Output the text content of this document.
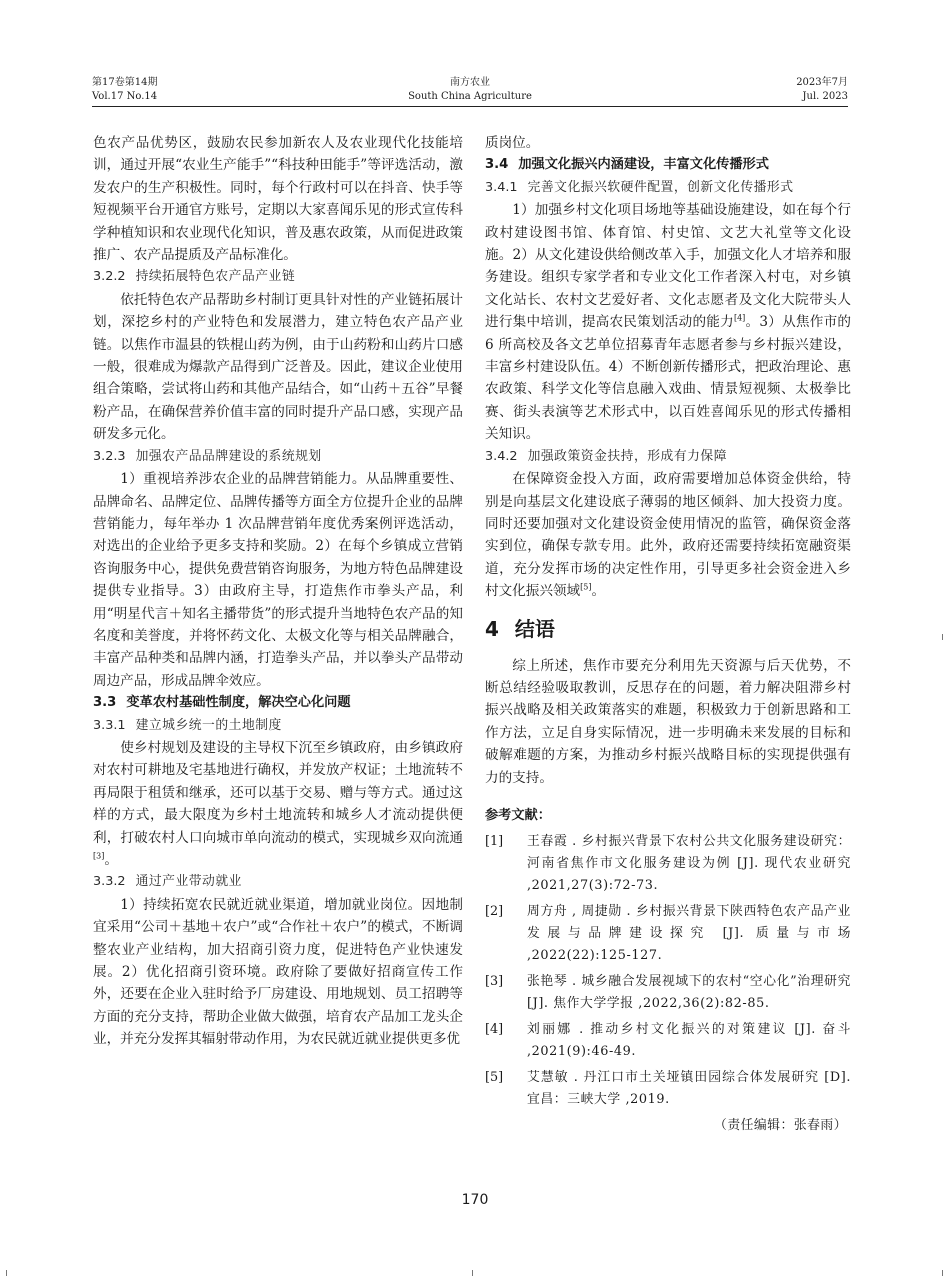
第17卷第14期
Vol.17 No.14
南方农业
South China Agriculture
2023年7月
Jul. 2023

色农产品优势区，鼓励农民参加新农人及农业现代化技能培训，通过开展“农业生产能手”“科技种田能手”等评选活动，激发农户的生产积极性。同时，每个行政村可以在抖音、快手等短视频平台开通官方账号，定期以大家喜闻乐见的形式宣传科学种植知识和农业现代化知识，普及惠农政策，从而促进政策推广、农产品提质及产品标准化。

3.2.2 持续拓展特色农产品产业链

依托特色农产品帮助乡村制订更具针对性的产业链拓展计划，深挖乡村的产业特色和发展潜力，建立特色农产品产业链。以焦作市温县的铁棍山药为例，由于山药粉和山药片口感一般，很难成为爆款产品得到广泛普及。因此，建议企业使用组合策略，尝试将山药和其他产品结合，如“山药＋五谷”早餐粉产品，在确保营养价值丰富的同时提升产品口感，实现产品研发多元化。

3.2.3 加强农产品品牌建设的系统规划

1）重视培养涉农企业的品牌营销能力。从品牌重要性、品牌命名、品牌定位、品牌传播等方面全方位提升企业的品牌营销能力，每年举办 1 次品牌营销年度优秀案例评选活动，对选出的企业给予更多支持和奖励。2）在每个乡镇成立营销咨询服务中心，提供免费营销咨询服务，为地方特色品牌建设提供专业指导。3）由政府主导，打造焦作市拳头产品，利用“明星代言＋知名主播带货”的形式提升当地特色农产品的知名度和美誉度，并将怀药文化、太极文化等与相关品牌融合，丰富产品种类和品牌内涵，打造拳头产品，并以拳头产品带动周边产品，形成品牌伞效应。

3.3 变革农村基础性制度，解决空心化问题
3.3.1 建立城乡统一的土地制度

使乡村规划及建设的主导权下沉至乡镇政府，由乡镇政府对农村可耕地及宅基地进行确权，并发放产权证；土地流转不再局限于租赁和继承，还可以基于交易、赠与等方式。通过这样的方式，最大限度为乡村土地流转和城乡人才流动提供便利，打破农村人口向城市单向流动的模式，实现城乡双向流通[3]。

3.3.2 通过产业带动就业

1）持续拓宽农民就近就业渠道，增加就业岗位。因地制宜采用“公司＋基地＋农户”或“合作社＋农户”的模式，不断调整农业产业结构，加大招商引资力度，促进特色产业快速发展。2）优化招商引资环境。政府除了要做好招商宣传工作外，还要在企业入驻时给予厂房建设、用地规划、员工招聘等方面的充分支持，帮助企业做大做强，培育农产品加工龙头企业，并充分发挥其辐射带动作用，为农民就近就业提供更多优

质岗位。

3.4 加强文化振兴内涵建设，丰富文化传播形式
3.4.1 完善文化振兴软硬件配置，创新文化传播形式

1）加强乡村文化项目场地等基础设施建设，如在每个行政村建设图书馆、体育馆、村史馆、文艺大礼堂等文化设施。2）从文化建设供给侧改革入手，加强文化人才培养和服务建设。组织专家学者和专业文化工作者深入村屯，对乡镇文化站长、农村文艺爱好者、文化志愿者及文化大院带头人进行集中培训，提高农民策划活动的能力[4]。3）从焦作市的 6 所高校及各文艺单位招募青年志愿者参与乡村振兴建设，丰富乡村建设队伍。4）不断创新传播形式，把政治理论、惠农政策、科学文化等信息融入戏曲、情景短视频、太极拳比赛、街头表演等艺术形式中，以百姓喜闻乐见的形式传播相关知识。

3.4.2 加强政策资金扶持，形成有力保障

在保障资金投入方面，政府需要增加总体资金供给，特别是向基层文化建设底子薄弱的地区倾斜、加大投资力度。同时还要加强对文化建设资金使用情况的监管，确保资金落实到位，确保专款专用。此外，政府还需要持续拓宽融资渠道，充分发挥市场的决定性作用，引导更多社会资金进入乡村文化振兴领域[5]。

4 结语

综上所述，焦作市要充分利用先天资源与后天优势，不断总结经验吸取教训，反思存在的问题，着力解决阻滞乡村振兴战略及相关政策落实的难题，积极致力于创新思路和工作方法，立足自身实际情况，进一步明确未来发展的目标和破解难题的方案，为推动乡村振兴战略目标的实现提供强有力的支持。

参考文献：
[1] 王春霞 . 乡村振兴背景下农村公共文化服务建设研究：河南省焦作市文化服务建设为例 [J]. 现代农业研究 ,2021,27(3):72-73.
[2] 周方舟 , 周捷勋 . 乡村振兴背景下陕西特色农产品产业发展与品牌建设探究 [J]. 质量与市场 ,2022(22):125-127.
[3] 张艳琴 . 城乡融合发展视域下的农村“空心化”治理研究 [J]. 焦作大学学报 ,2022,36(2):82-85.
[4] 刘丽娜 . 推动乡村文化振兴的对策建议 [J]. 奋斗 ,2021(9):46-49.
[5] 艾慧敏 . 丹江口市土关垭镇田园综合体发展研究 [D]. 宜昌：三峡大学 ,2019.
（责任编辑：张春雨）
170
